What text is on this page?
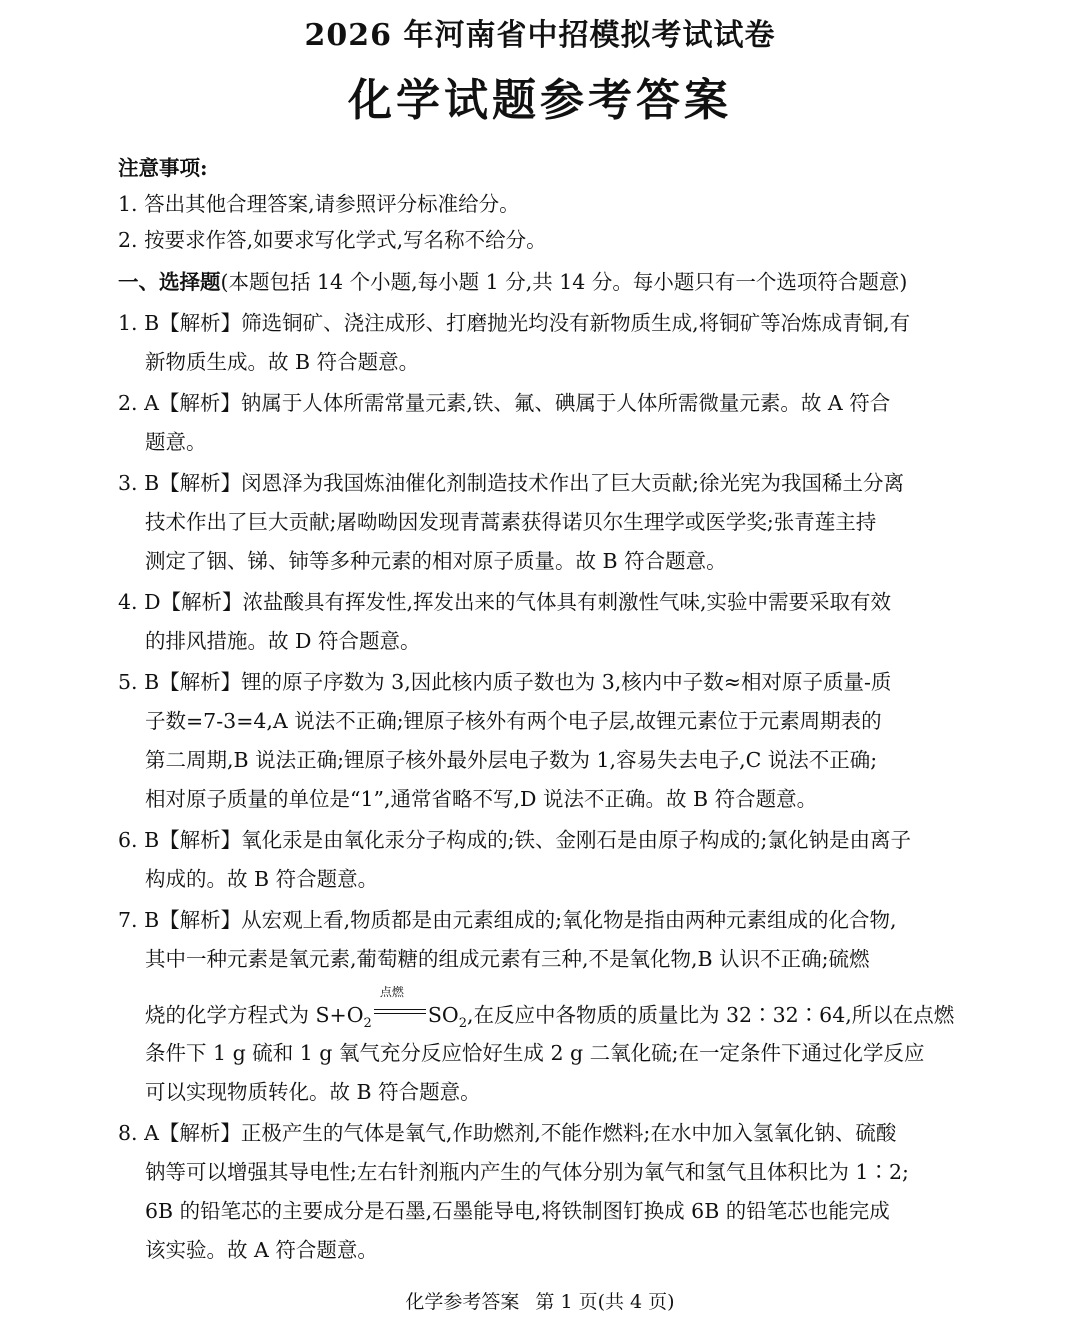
2026 年河南省中招模拟考试试卷
化学试题参考答案
注意事项:
1. 答出其他合理答案,请参照评分标准给分。
2. 按要求作答,如要求写化学式,写名称不给分。
一、选择题(本题包括 14 个小题,每小题 1 分,共 14 分。每小题只有一个选项符合题意)
1. B【解析】筛选铜矿、浇注成形、打磨抛光均没有新物质生成,将铜矿等冶炼成青铜,有
新物质生成。故 B 符合题意。
2. A【解析】钠属于人体所需常量元素,铁、氟、碘属于人体所需微量元素。故 A 符合
题意。
3. B【解析】闵恩泽为我国炼油催化剂制造技术作出了巨大贡献;徐光宪为我国稀土分离
技术作出了巨大贡献;屠呦呦因发现青蒿素获得诺贝尔生理学或医学奖;张青莲主持
测定了铟、锑、铈等多种元素的相对原子质量。故 B 符合题意。
4. D【解析】浓盐酸具有挥发性,挥发出来的气体具有刺激性气味,实验中需要采取有效
的排风措施。故 D 符合题意。
5. B【解析】锂的原子序数为 3,因此核内质子数也为 3,核内中子数≈相对原子质量-质
子数=7-3=4,A 说法不正确;锂原子核外有两个电子层,故锂元素位于元素周期表的
第二周期,B 说法正确;锂原子核外最外层电子数为 1,容易失去电子,C 说法不正确;
相对原子质量的单位是“1”,通常省略不写,D 说法不正确。故 B 符合题意。
6. B【解析】氧化汞是由氧化汞分子构成的;铁、金刚石是由原子构成的;氯化钠是由离子
构成的。故 B 符合题意。
7. B【解析】从宏观上看,物质都是由元素组成的;氧化物是指由两种元素组成的化合物,
其中一种元素是氧元素,葡萄糖的组成元素有三种,不是氧化物,B 认识不正确;硫燃
烧的化学方程式为 $S+O_2$
点燃
$SO_2$,在反应中各物质的质量比为 32∶32∶64,所以在点燃
条件下 1 g 硫和 1 g 氧气充分反应恰好生成 2 g 二氧化硫;在一定条件下通过化学反应
可以实现物质转化。故 B 符合题意。
8. A【解析】正极产生的气体是氧气,作助燃剂,不能作燃料;在水中加入氢氧化钠、硫酸
钠等可以增强其导电性;左右针剂瓶内产生的气体分别为氧气和氢气且体积比为 1∶2;
6B 的铅笔芯的主要成分是石墨,石墨能导电,将铁制图钉换成 6B 的铅笔芯也能完成
该实验。故 A 符合题意。
化学参考答案 第 1 页(共 4 页)
